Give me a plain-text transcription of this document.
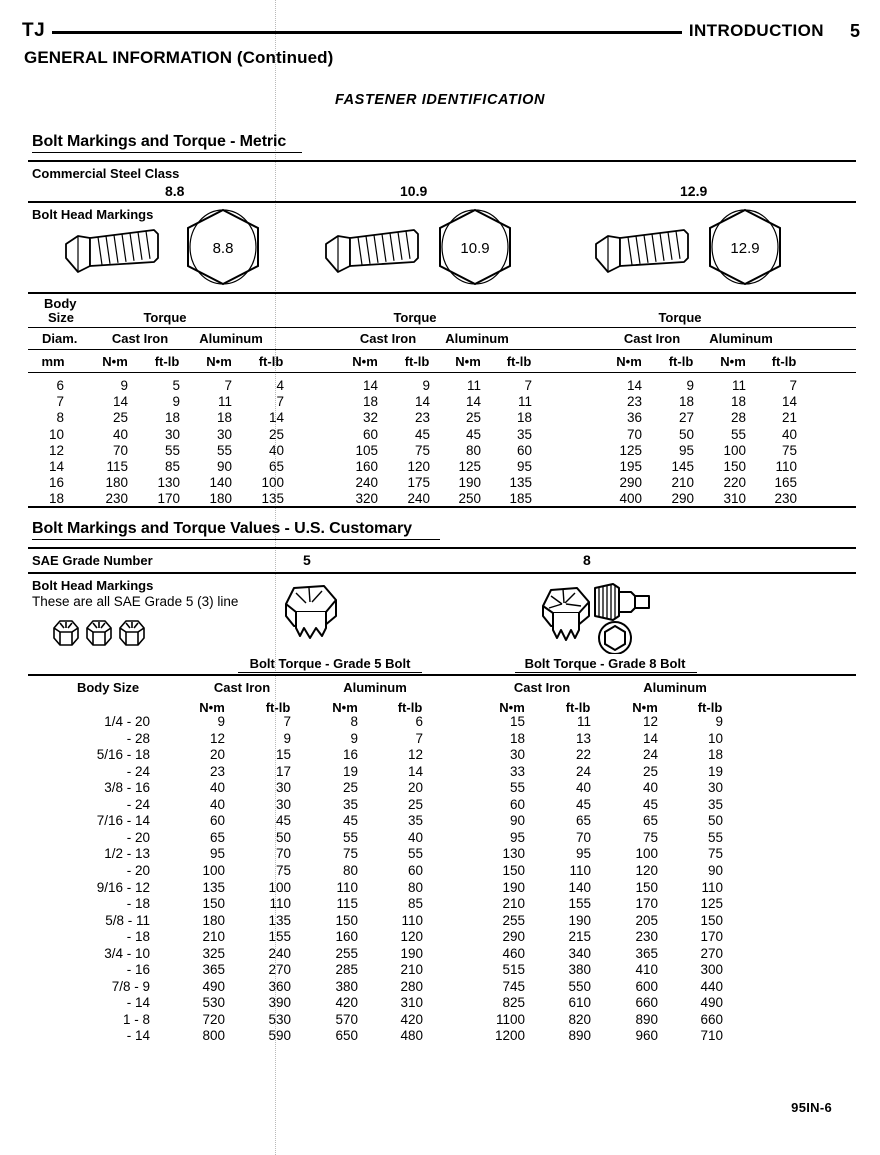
TJ	INTRODUCTION 5
GENERAL INFORMATION (Continued)
FASTENER IDENTIFICATION
Bolt Markings and Torque - Metric
Commercial Steel Class
8.8	10.9	12.9
Bolt Head Markings
8.8	10.9	12.9
Body
Size	Torque	Torque	Torque
Diam.	Cast Iron Aluminum	Cast Iron Aluminum	Cast Iron Aluminum
mm	N•m ft-lb N•m ft-lb	N•m ft-lb N•m ft-lb	N•m ft-lb N•m ft-lb
6	9	5	7	4	14	9	11	7	14	9	11	7
7	14	9	11	7	18	14	14	11	23	18	18	14
8	25	18	18	14	32	23	25	18	36	27	28	21
10	40	30	30	25	60	45	45	35	70	50	55	40
12	70	55	55	40	105	75	80	60	125	95 100	75
14	115	85	90	65	160 120 125	95	195 145 150 110
16	180 130 140 100	240 175 190 135	290 210 220 165
18	230 170 180 135	320 240 250 185	400 290 310 230
Bolt Markings and Torque Values - U.S. Customary
SAE Grade Number	5	8
Bolt Head Markings
These are all SAE Grade 5 (3) line
Bolt Torque - Grade 5 Bolt	Bolt Torque - Grade 8 Bolt
Body Size	Cast Iron	Aluminum	Cast Iron	Aluminum
N•m	ft-lb	N•m	ft-lb	N•m	ft-lb	N•m	ft-lb
1/4 - 20	9	7	8	6	15	11	12	9
- 28	12	9	9	7	18	13	14	10
5/16 - 18	20	15	16	12	30	22	24	18
- 24	23	17	19	14	33	24	25	19
3/8 - 16	40	30	25	20	55	40	40	30
- 24	40	30	35	25	60	45	45	35
7/16 - 14	60	45	45	35	90	65	65	50
- 20	65	50	55	40	95	70	75	55
1/2 - 13	95	70	75	55	130	95	100	75
- 20	100	75	80	60	150	110	120	90
9/16 - 12	135	100	110	80	190	140	150	110
- 18	150	110	115	85	210	155	170	125
5/8 - 11	180	135	150	110	255	190	205	150
- 18	210	155	160	120	290	215	230	170
3/4 - 10	325	240	255	190	460	340	365	270
- 16	365	270	285	210	515	380	410	300
7/8 - 9	490	360	380	280	745	550	600	440
- 14	530	390	420	310	825	610	660	490
1 - 8	720	530	570	420	1100	820	890	660
- 14	800	590	650	480	1200	890	960	710
95IN-6
